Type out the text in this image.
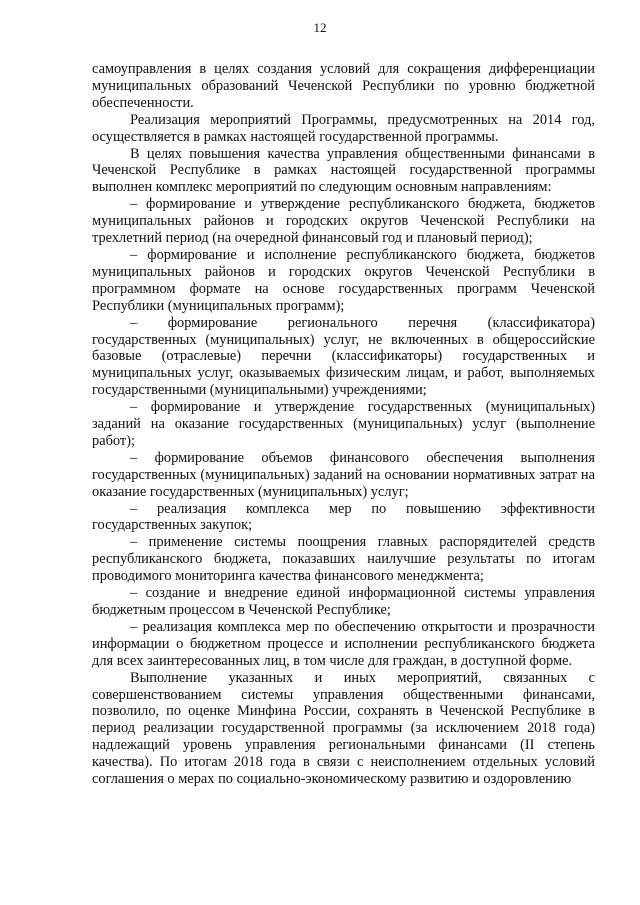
12

самоуправления в целях создания условий для сокращения дифференциации муниципальных образований Чеченской Республики по уровню бюджетной обеспеченности.

Реализация мероприятий Программы, предусмотренных на 2014 год, осуществляется в рамках настоящей государственной программы.

В целях повышения качества управления общественными финансами в Чеченской Республике в рамках настоящей государственной программы выполнен комплекс мероприятий по следующим основным направлениям:

– формирование и утверждение республиканского бюджета, бюджетов муниципальных районов и городских округов Чеченской Республики на трехлетний период (на очередной финансовый год и плановый период);

– формирование и исполнение республиканского бюджета, бюджетов муниципальных районов и городских округов Чеченской Республики в программном формате на основе государственных программ Чеченской Республики (муниципальных программ);

– формирование регионального перечня (классификатора) государственных (муниципальных) услуг, не включенных в общероссийские базовые (отраслевые) перечни (классификаторы) государственных и муниципальных услуг, оказываемых физическим лицам, и работ, выполняемых государственными (муниципальными) учреждениями;

– формирование и утверждение государственных (муниципальных) заданий на оказание государственных (муниципальных) услуг (выполнение работ);

– формирование объемов финансового обеспечения выполнения государственных (муниципальных) заданий на основании нормативных затрат на оказание государственных (муниципальных) услуг;

– реализация комплекса мер по повышению эффективности государственных закупок;

– применение системы поощрения главных распорядителей средств республиканского бюджета, показавших наилучшие результаты по итогам проводимого мониторинга качества финансового менеджмента;

– создание и внедрение единой информационной системы управления бюджетным процессом в Чеченской Республике;

– реализация комплекса мер по обеспечению открытости и прозрачности информации о бюджетном процессе и исполнении республиканского бюджета для всех заинтересованных лиц, в том числе для граждан, в доступной форме.

Выполнение указанных и иных мероприятий, связанных с совершенствованием системы управления общественными финансами, позволило, по оценке Минфина России, сохранять в Чеченской Республике в период реализации государственной программы (за исключением 2018 года) надлежащий уровень управления региональными финансами (II степень качества). По итогам 2018 года в связи с неисполнением отдельных условий соглашения о мерах по социально-экономическому развитию и оздоровлению
